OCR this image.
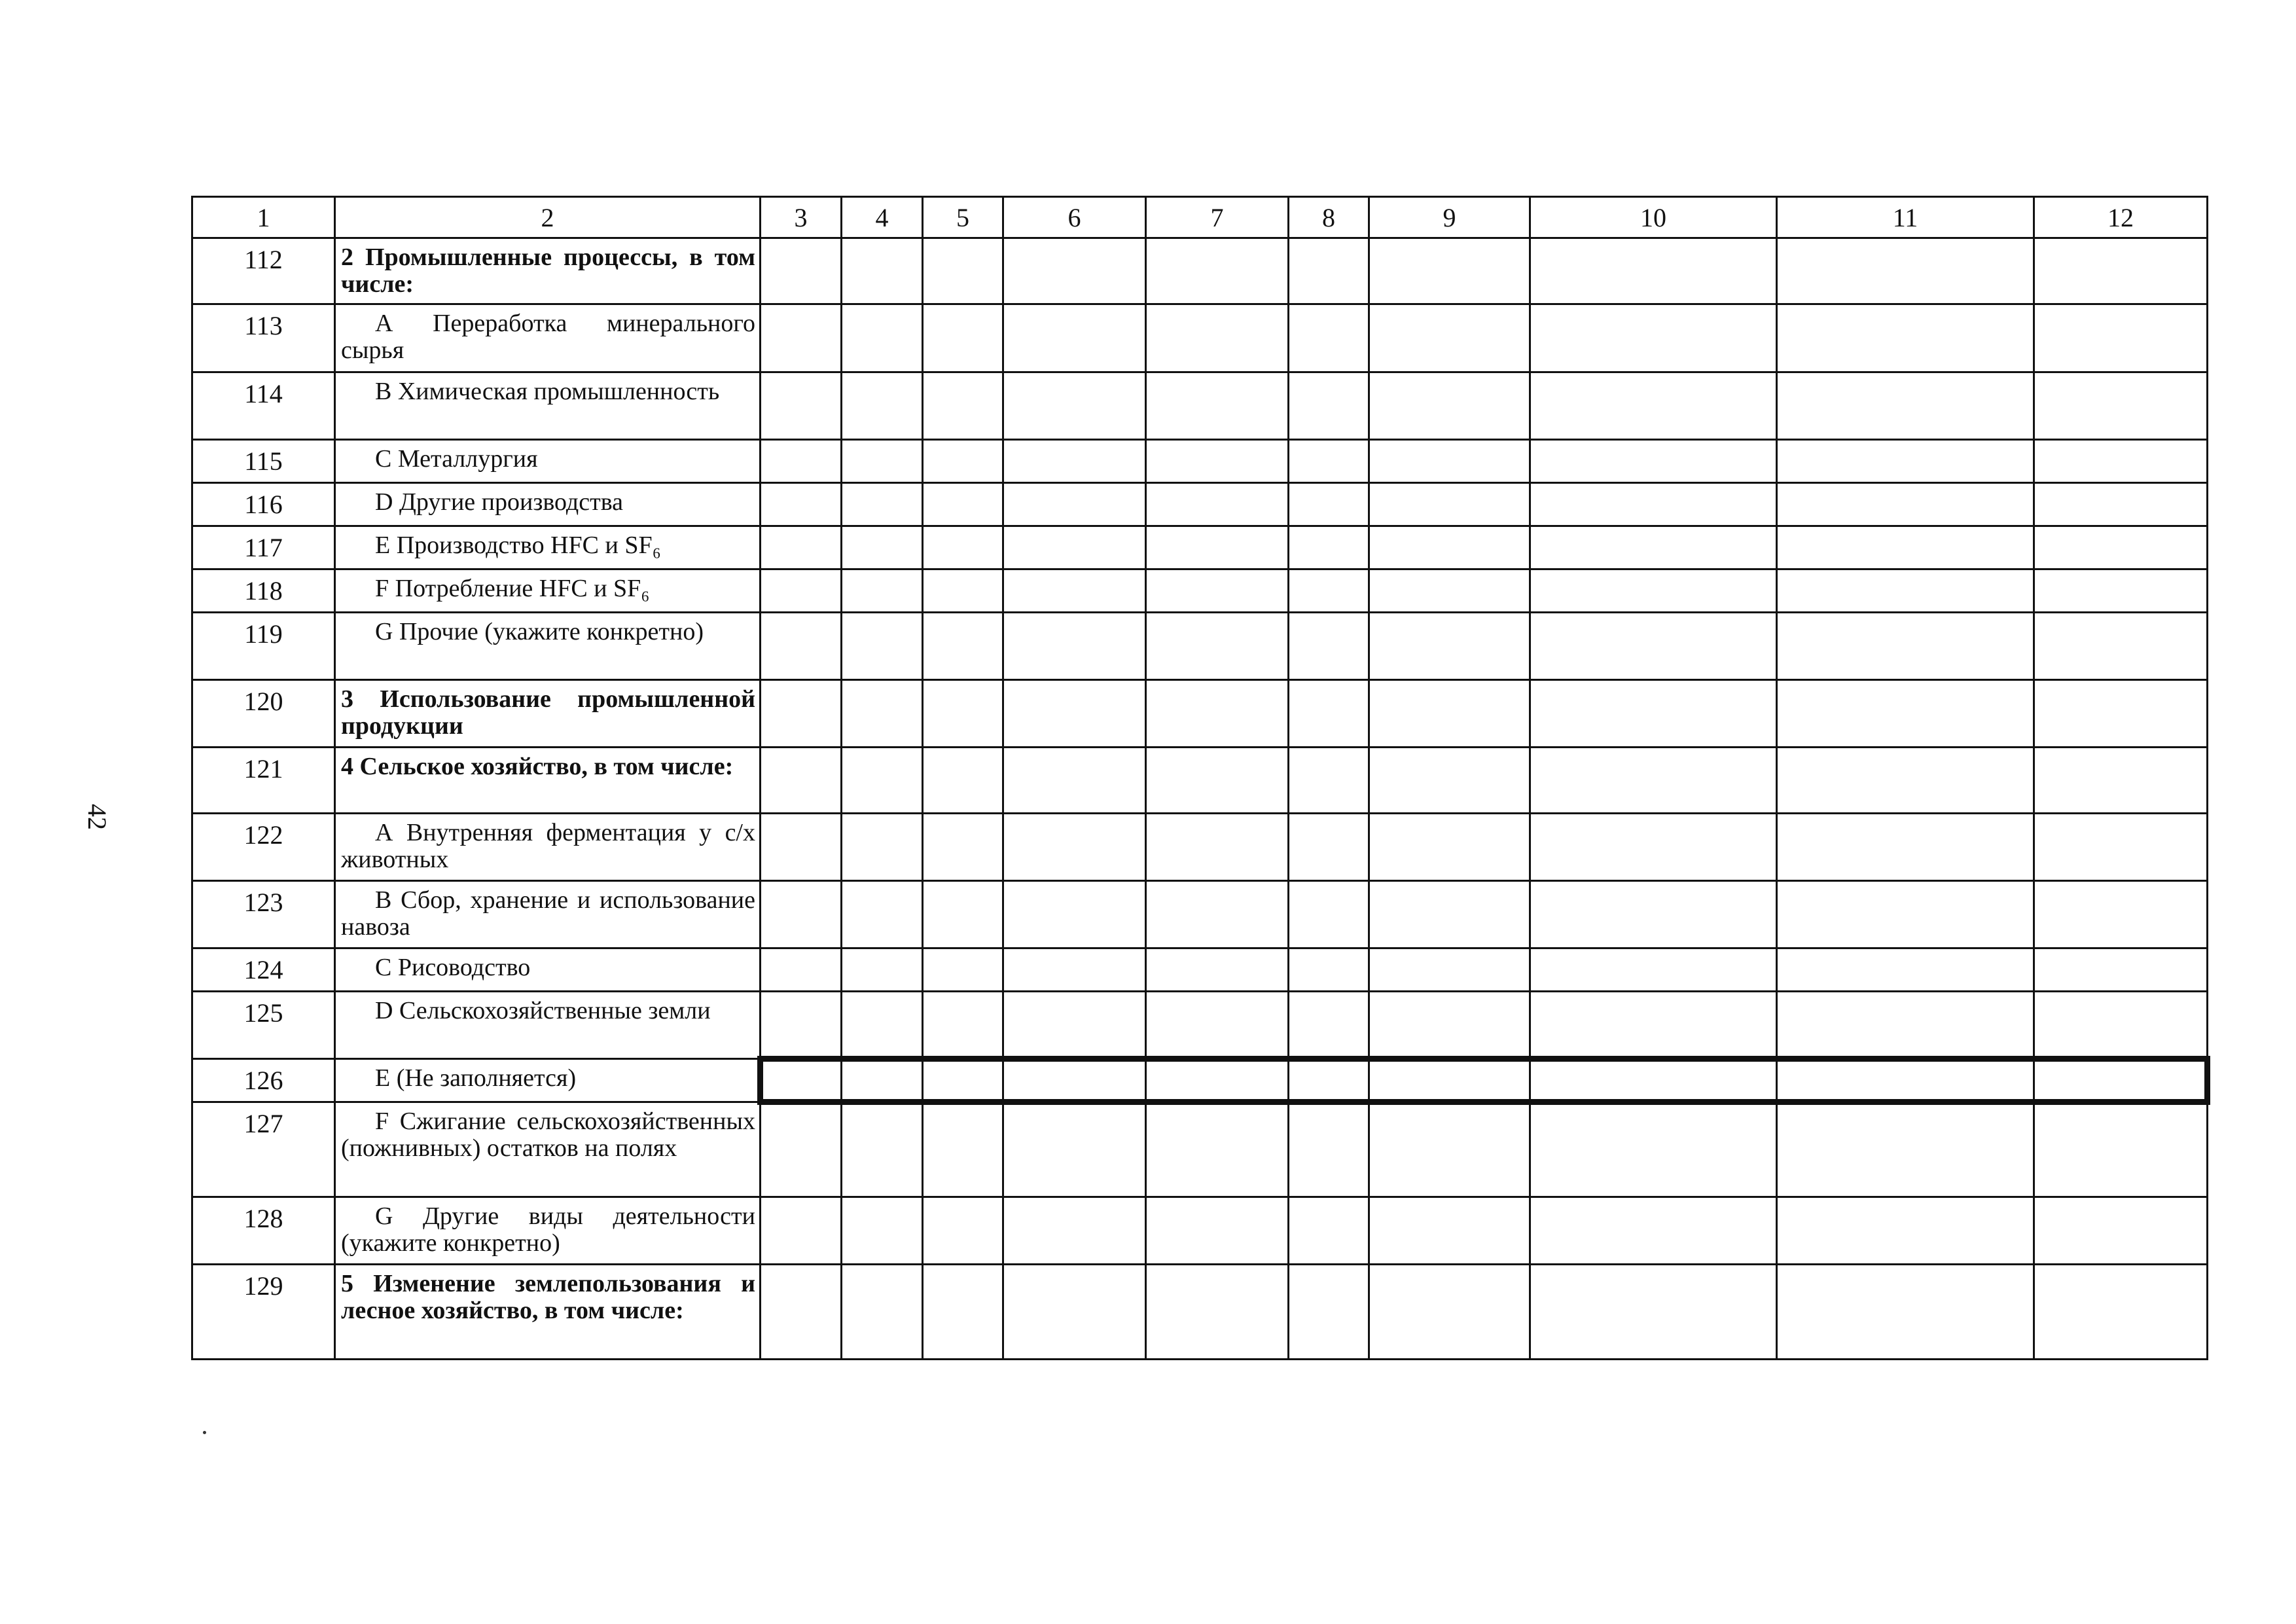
42
1	2	3	4	5	6	7	8	9	10	11	12
112	2 Промышленные процессы, в том числе:										
113	А Переработка минерального сырья										
114	В Химическая промышленность										
115	С Металлургия										
116	D Другие производства										
117	E Производство HFC и SF₆										
118	F Потребление HFC и SF₆										
119	G Прочие (укажите конкретно)										
120	3 Использование промышленной продукции										
121	4 Сельское хозяйство, в том числе:										
122	А Внутренняя ферментация у с/х животных										
123	В Сбор, хранение и использование навоза										
124	С Рисоводство										
125	D Сельскохозяйственные земли										
126	E (Не заполняется)										
127	F Сжигание сельскохозяйственных (пожнивных) остатков на полях										
128	G Другие виды деятельности (укажите конкретно)										
129	5 Изменение землепользования и лесное хозяйство, в том числе:										
